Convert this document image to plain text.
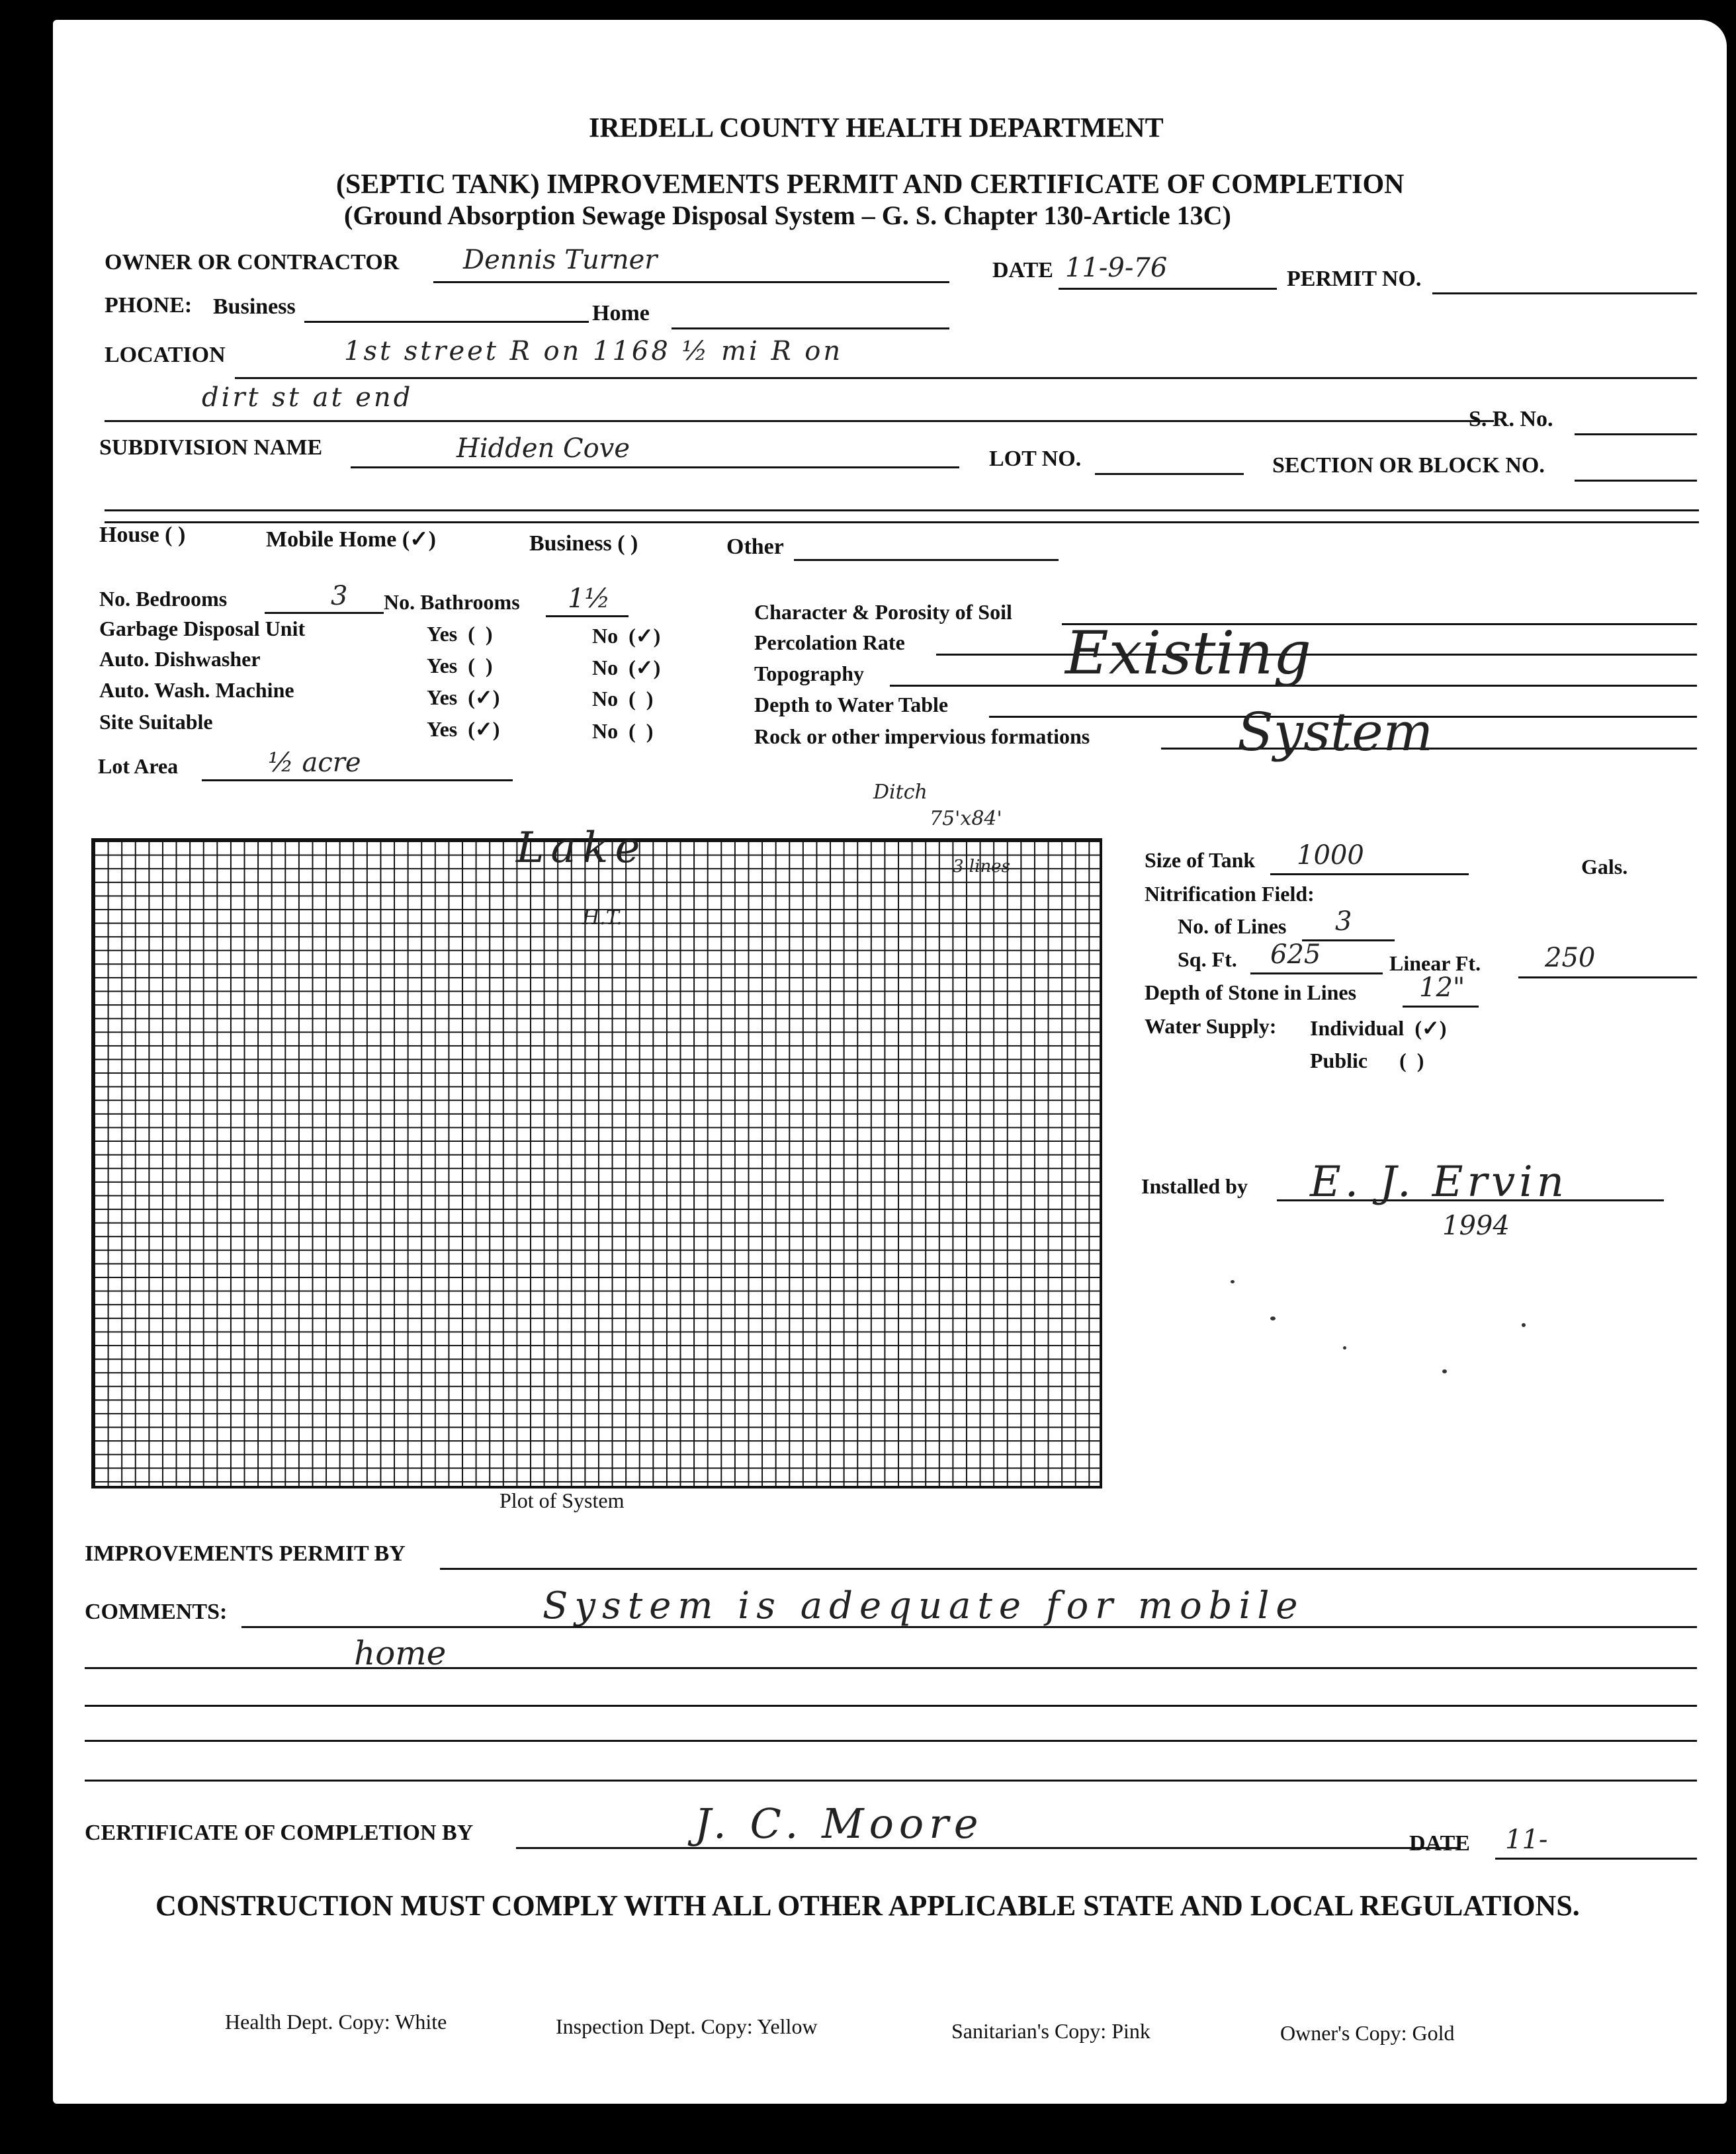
IREDELL COUNTY HEALTH DEPARTMENT
(SEPTIC TANK) IMPROVEMENTS PERMIT AND CERTIFICATE OF COMPLETION
(Ground Absorption Sewage Disposal System – G. S. Chapter 130-Article 13C)
OWNER OR CONTRACTOR Dennis Turner	DATE 11-9-76	PERMIT NO.
PHONE: Business	Home
LOCATION	1st street R on 1168 ½ mi R on
dirt st at end
S. R. No.
SUBDIVISION NAME	Hidden Cove	LOT NO.	SECTION OR BLOCK NO.
House ( )	Mobile Home (✓)	Business ( )	Other
No. Bedrooms	3 No. Bathrooms 1½
Garbage Disposal Unit	Yes  (  )	No  (✓)
Auto. Dishwasher	Yes  (  )	No  (✓)
Auto. Wash. Machine	Yes  (✓)	No  (  )
Site Suitable	Yes  (✓)	No  (  )
Lot Area	½ acre
Character & Porosity of Soil
Percolation Rate
Topography
Depth to Water Table
Rock or other impervious formations
Existing
System
Lake
H.T.
Ditch
75'x84'
3 lines
Plot of System
Size of Tank 1000	Gals.
Nitrification Field:
No. of Lines 3
Sq. Ft. 625	Linear Ft. 250
Depth of Stone in Lines 12"
Water Supply: Individual  (✓)
Public      (  )
Installed by E. J. Ervin
1994
IMPROVEMENTS PERMIT BY
COMMENTS:	System is adequate for mobile
home
CERTIFICATE OF COMPLETION BY	J. C. Moore	DATE 11-
CONSTRUCTION MUST COMPLY WITH ALL OTHER APPLICABLE STATE AND LOCAL REGULATIONS.
Health Dept. Copy: White	Inspection Dept. Copy: Yellow	Sanitarian's Copy: Pink	Owner's Copy: Gold
